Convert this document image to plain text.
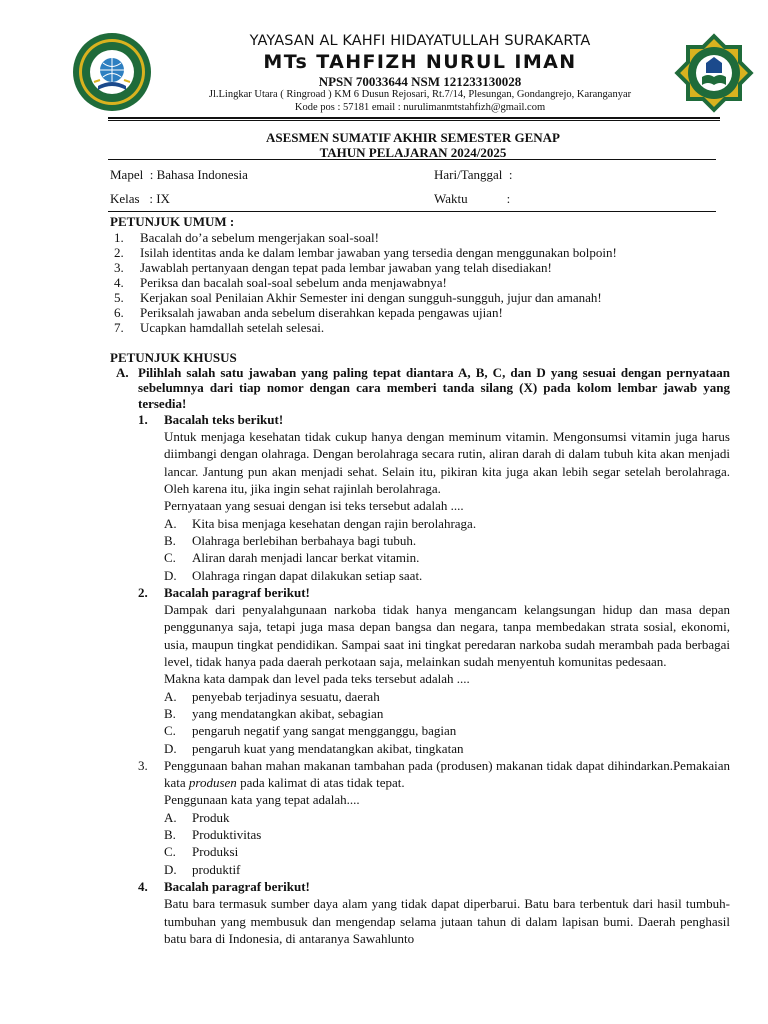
YAYASAN AL KAHFI HIDAYATULLAH SURAKARTA
MTs TAHFIZH NURUL IMAN
NPSN 70033644 NSM 121233130028
Jl.Lingkar Utara ( Ringroad ) KM 6 Dusun Rejosari, Rt.7/14, Plesungan, Gondangrejo, Karanganyar
Kode pos : 57181 email : nurulimanmtstahfizh@gmail.com
ASESMEN SUMATIF AKHIR SEMESTER GENAP
TAHUN PELAJARAN 2024/2025
Mapel  : Bahasa Indonesia
Kelas   : IX
Hari/Tanggal  :
Waktu            :
PETUNJUK UMUM :
1. Bacalah do’a sebelum mengerjakan soal-soal!
2. Isilah identitas anda ke dalam lembar jawaban yang tersedia dengan menggunakan bolpoin!
3. Jawablah pertanyaan dengan tepat pada lembar jawaban yang telah disediakan!
4. Periksa dan bacalah soal-soal sebelum anda menjawabnya!
5. Kerjakan soal Penilaian Akhir Semester ini dengan sungguh-sungguh, jujur dan amanah!
6. Periksalah jawaban anda sebelum diserahkan kepada pengawas ujian!
7. Ucapkan hamdallah setelah selesai.
PETUNJUK KHUSUS
A. Pilihlah salah satu jawaban yang paling tepat diantara A, B, C, dan D yang sesuai dengan pernyataan sebelumnya dari tiap nomor dengan cara memberi tanda silang (X) pada kolom lembar jawab yang tersedia!
1. Bacalah teks berikut!
Untuk menjaga kesehatan tidak cukup hanya dengan meminum vitamin. Mengonsumsi vitamin juga harus diimbangi dengan olahraga. Dengan berolahraga secara rutin, aliran darah di dalam tubuh kita akan menjadi lancar. Jantung pun akan menjadi sehat. Selain itu, pikiran kita juga akan lebih segar setelah berolahraga. Oleh karena itu, jika ingin sehat rajinlah berolahraga.
Pernyataan yang sesuai dengan isi teks tersebut adalah ....
A. Kita bisa menjaga kesehatan dengan rajin berolahraga.
B. Olahraga berlebihan berbahaya bagi tubuh.
C. Aliran darah menjadi lancar berkat vitamin.
D. Olahraga ringan dapat dilakukan setiap saat.
2. Bacalah paragraf berikut!
Dampak dari penyalahgunaan narkoba tidak hanya mengancam kelangsungan hidup dan masa depan penggunanya saja, tetapi juga masa depan bangsa dan negara, tanpa membedakan strata sosial, ekonomi, usia, maupun tingkat pendidikan. Sampai saat ini tingkat peredaran narkoba sudah merambah pada berbagai level, tidak hanya pada daerah perkotaan saja, melainkan sudah menyentuh komunitas pedesaan.
Makna kata dampak dan level pada teks tersebut adalah ....
A. penyebab terjadinya sesuatu, daerah
B. yang mendatangkan akibat, sebagian
C. pengaruh negatif yang sangat mengganggu, bagian
D. pengaruh kuat yang mendatangkan akibat, tingkatan
3. Penggunaan bahan mahan makanan tambahan pada (produsen) makanan tidak dapat dihindarkan.Pemakaian kata produsen pada kalimat di atas tidak tepat.
Penggunaan kata yang tepat adalah....
A. Produk
B. Produktivitas
C. Produksi
D. produktif
4. Bacalah paragraf berikut!
Batu bara termasuk sumber daya alam yang tidak dapat diperbarui. Batu bara terbentuk dari hasil tumbuh-tumbuhan yang membusuk dan mengendap selama jutaan tahun di dalam lapisan bumi. Daerah penghasil batu bara di Indonesia, di antaranya Sawahlunto
